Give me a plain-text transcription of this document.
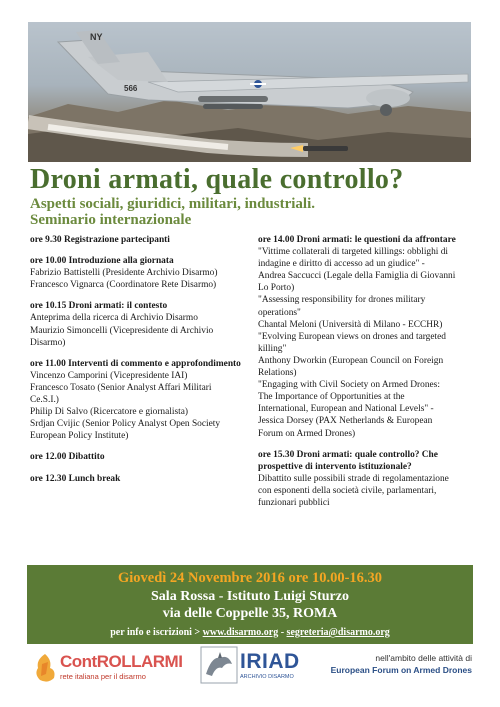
NY
566
Droni armati, quale controllo?
Aspetti sociali, giuridici, militari, industriali.
Seminario internazionale
ore 9.30 Registrazione partecipanti
ore 10.00 Introduzione alla giornata
Fabrizio Battistelli (Presidente Archivio Disarmo)
Francesco Vignarca (Coordinatore Rete Disarmo)
ore 10.15 Droni armati: il contesto
Anteprima della ricerca di Archivio Disarmo
Maurizio Simoncelli (Vicepresidente di Archivio
Disarmo)
ore 11.00 Interventi di commento e approfondimento
Vincenzo Camporini (Vicepresidente IAI)
Francesco Tosato (Senior Analyst Affari Militari
Ce.S.I.)
Philip Di Salvo (Ricercatore e giornalista)
Srdjan Cvijic (Senior Policy Analyst Open Society
European Policy Institute)
ore 12.00 Dibattito
ore 12.30 Lunch break
ore 14.00 Droni armati: le questioni da affrontare
"Vittime collaterali di targeted killings: obblighi di
indagine e diritto di accesso ad un giudice" -
Andrea Saccucci (Legale della Famiglia di Giovanni
Lo Porto)
"Assessing responsibility for drones military
operations"
Chantal Meloni (Università di Milano - ECCHR)
"Evolving European views on drones and targeted
killing"
Anthony Dworkin (European Council on Foreign
Relations)
"Engaging with Civil Society on Armed Drones:
The Importance of Opportunities at the
International, European and National Levels" -
Jessica Dorsey (PAX Netherlands & European
Forum on Armed Drones)
ore 15.30 Droni armati: quale controllo? Che prospettive di intervento istituzionale?
Dibattito sulle possibili strade di regolamentazione
con esponenti della società civile, parlamentari,
funzionari pubblici
Giovedì 24 Novembre 2016 ore 10.00-16.30
Sala Rossa - Istituto Luigi Sturzo
via delle Coppelle 35, ROMA
per info e iscrizioni > www.disarmo.org - segreteria@disarmo.org
ContROLLARMI
rete italiana per il disarmo
IRIAD
ARCHIVIO DISARMO
nell'ambito delle attività di
European Forum on Armed Drones
